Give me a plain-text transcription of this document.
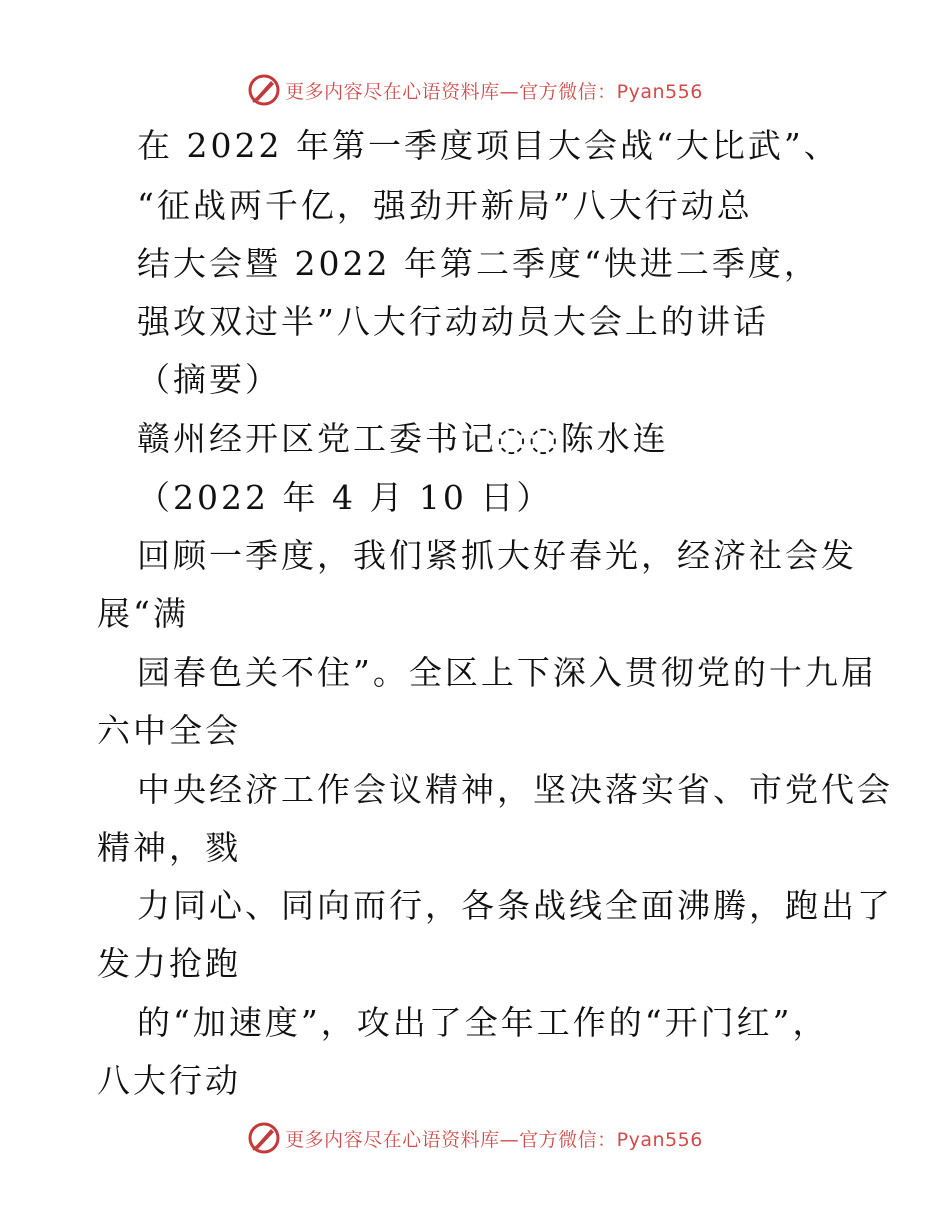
更多内容尽在心语资料库—官方微信：Pyan556
在 2022 年第一季度项目大会战“大比武”、
“征战两千亿，强劲开新局”八大行动总
结大会暨 2022 年第二季度“快进二季度，
强攻双过半”八大行动动员大会上的讲话
（摘要）
赣州经开区党工委书记◌◌陈水连
（2022 年 4 月 10 日）
回顾一季度，我们紧抓大好春光，经济社会发
展“满
园春色关不住”。全区上下深入贯彻党的十九届
六中全会
中央经济工作会议精神，坚决落实省、市党代会
精神，戮
力同心、同向而行，各条战线全面沸腾，跑出了
发力抢跑
的“加速度”，攻出了全年工作的“开门红”，
八大行动
更多内容尽在心语资料库—官方微信：Pyan556
